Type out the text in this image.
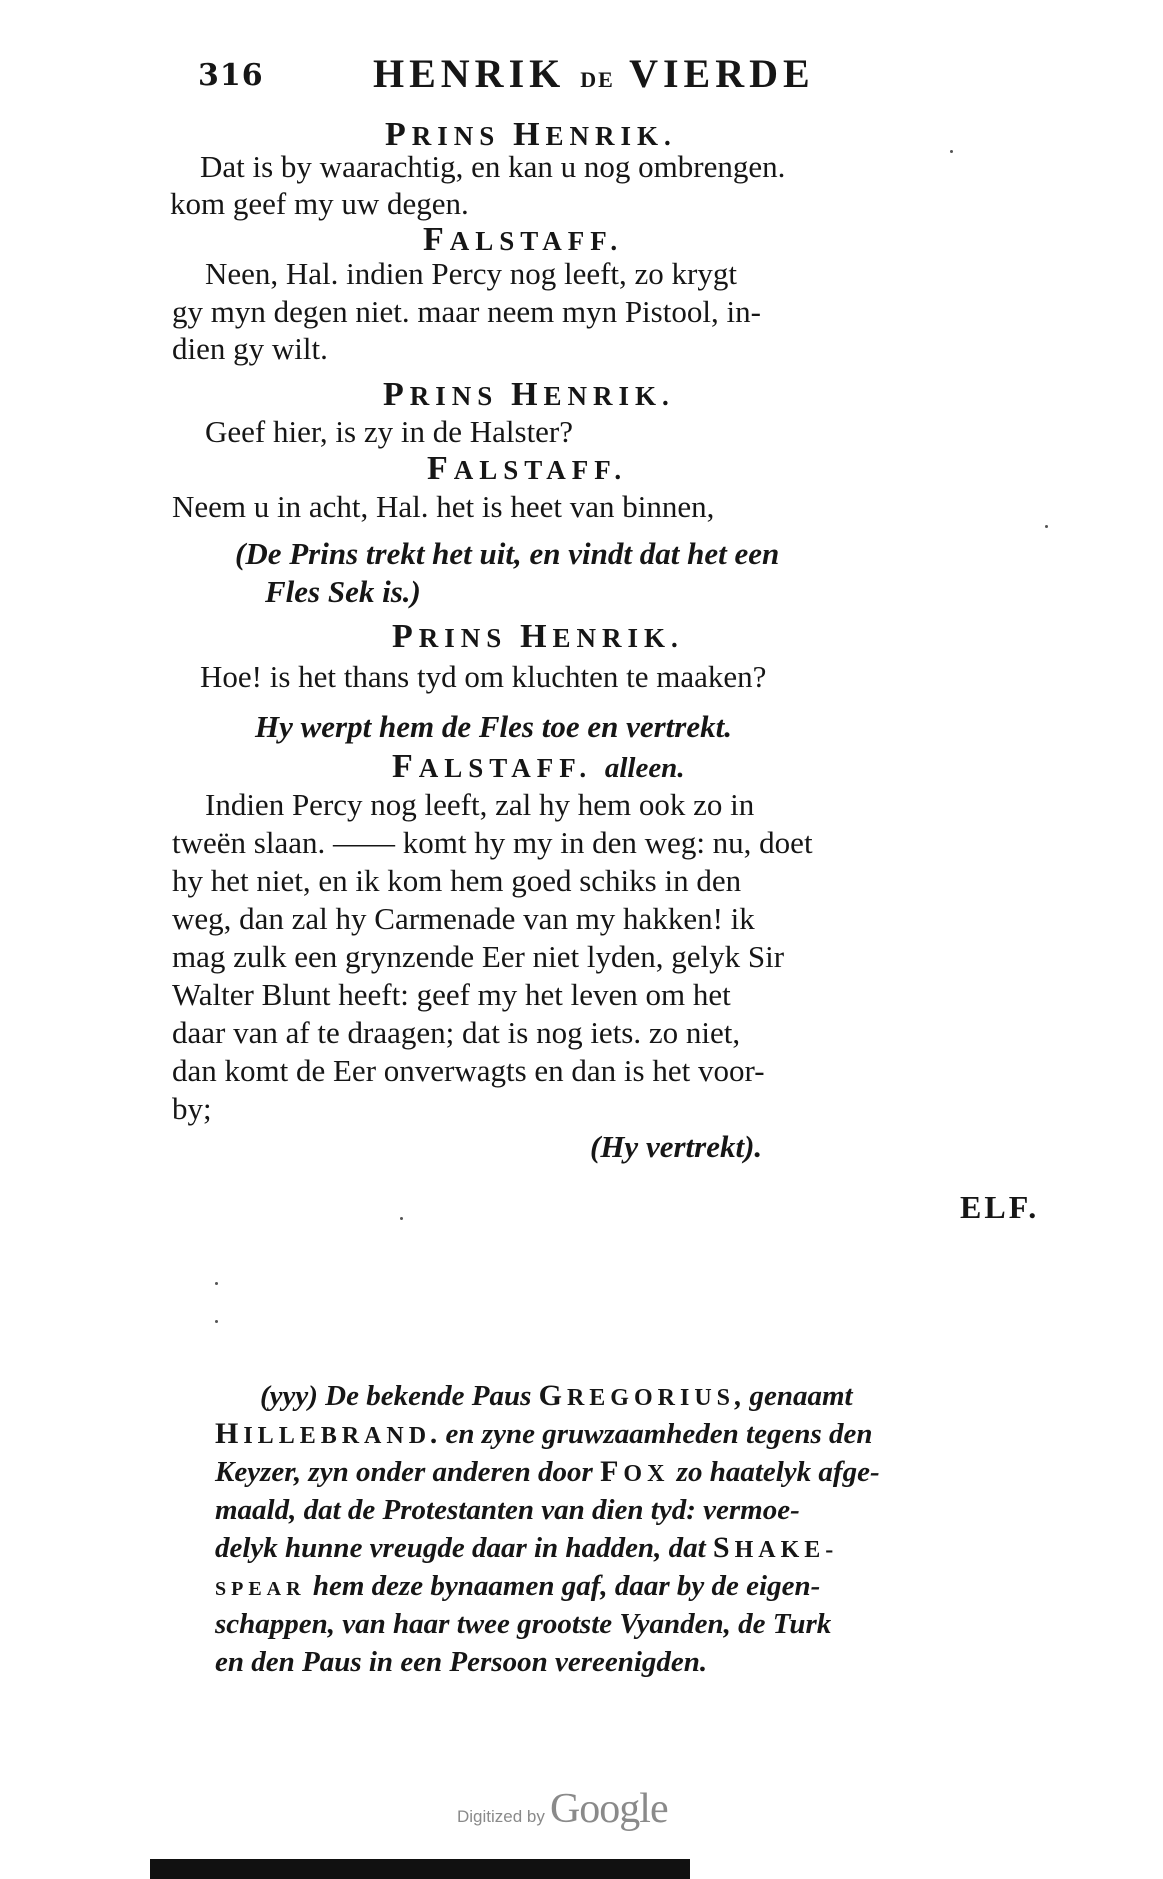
316	HENRIK DE VIERDE
PRINS HENRIK.
Dat is by waarachtig, en kan u nog ombrengen.
kom geef my uw degen.
FALSTAFF.
Neen, Hal. indien Percy nog leeft, zo krygt
gy myn degen niet. maar neem myn Pistool, in-
dien gy wilt.
PRINS HENRIK.
Geef hier, is zy in de Halster?
FALSTAFF.
Neem u in acht, Hal. het is heet van binnen,
(De Prins trekt het uit, en vindt dat het een
Fles Sek is.)
PRINS HENRIK.
Hoe! is het thans tyd om kluchten te maaken?
Hy werpt hem de Fles toe en vertrekt.
FALSTAFF. alleen.
Indien Percy nog leeft, zal hy hem ook zo in
tweën slaan. —— komt hy my in den weg: nu, doet
hy het niet, en ik kom hem goed schiks in den
weg, dan zal hy Carmenade van my hakken! ik
mag zulk een grynzende Eer niet lyden, gelyk Sir
Walter Blunt heeft: geef my het leven om het
daar van af te draagen; dat is nog iets. zo niet,
dan komt de Eer onverwagts en dan is het voor-
by;
(Hy vertrekt).
ELF.
(yyy) De bekende Paus GREGORIUS, genaamt
HILLEBRAND. en zyne gruwzaamheden tegens den
Keyzer, zyn onder anderen door FOX zo haatelyk afge-
maald, dat de Protestanten van dien tyd: vermoe-
delyk hunne vreugde daar in hadden, dat SHAKE-
SPEAR hem deze bynaamen gaf, daar by de eigen-
schappen, van haar twee grootste Vyanden, de Turk
en den Paus in een Persoon vereenigden.
Digitized by Google
